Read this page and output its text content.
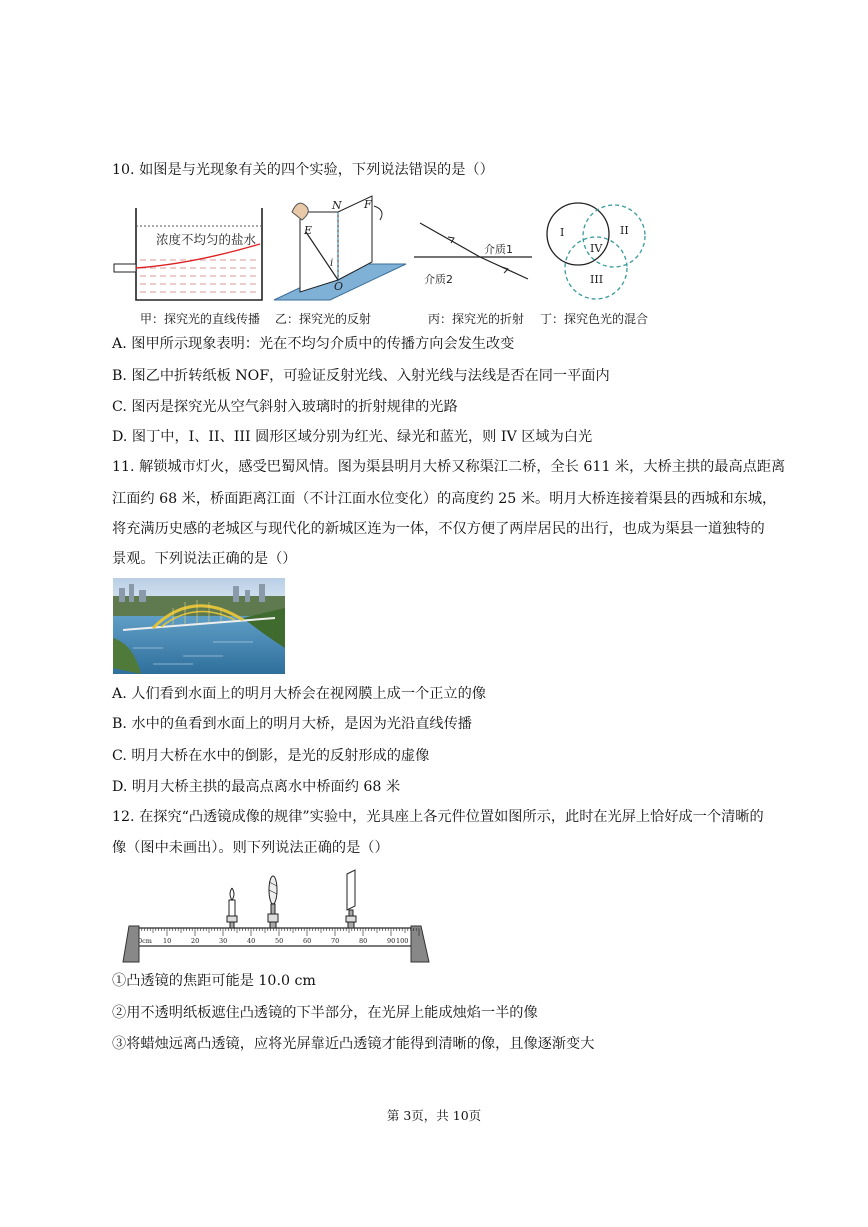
10. 如图是与光现象有关的四个实验，下列说法错误的是（）
浓度不均匀的盐水
N F
E
i
O
介质1
介质2
I	II
III
IV
甲：探究光的直线传播 乙：探究光的反射	丙：探究光的折射 丁：探究色光的混合
A. 图甲所示现象表明：光在不均匀介质中的传播方向会发生改变
B. 图乙中折转纸板 NOF，可验证反射光线、入射光线与法线是否在同一平面内
C. 图丙是探究光从空气斜射入玻璃时的折射规律的光路
D. 图丁中，I、II、III 圆形区域分别为红光、绿光和蓝光，则 IV 区域为白光
11. 解锁城市灯火，感受巴蜀风情。图为渠县明月大桥又称渠江二桥，全长 611 米，大桥主拱的最高点距离
江面约 68 米，桥面距离江面（不计江面水位变化）的高度约 25 米。明月大桥连接着渠县的西城和东城，
将充满历史感的老城区与现代化的新城区连为一体，不仅方便了两岸居民的出行，也成为渠县一道独特的
景观。下列说法正确的是（）
A. 人们看到水面上的明月大桥会在视网膜上成一个正立的像
B. 水中的鱼看到水面上的明月大桥，是因为光沿直线传播
C. 明月大桥在水中的倒影，是光的反射形成的虚像
D. 明月大桥主拱的最高点离水中桥面约 68 米
12. 在探究“凸透镜成像的规律”实验中，光具座上各元件位置如图所示，此时在光屏上恰好成一个清晰的
像（图中未画出）。则下列说法正确的是（）
0cm 10	20	30	40	50	60	70	80	90 100
①凸透镜的焦距可能是 10.0 cm
②用不透明纸板遮住凸透镜的下半部分，在光屏上能成烛焰一半的像
③将蜡烛远离凸透镜，应将光屏靠近凸透镜才能得到清晰的像，且像逐渐变大
第 3页，共 10页
